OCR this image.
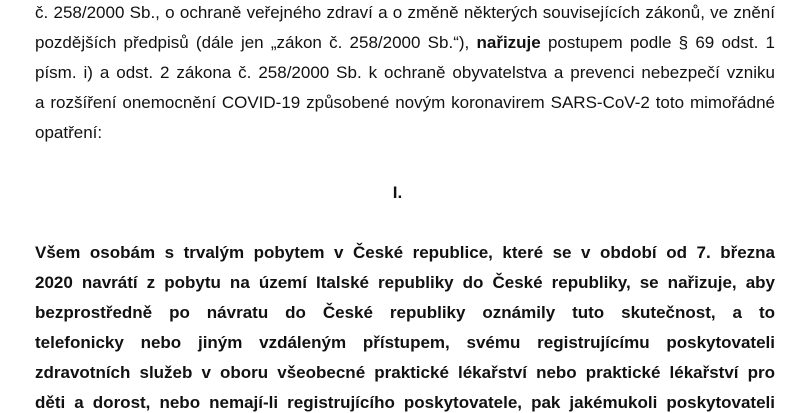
č. 258/2000 Sb., o ochraně veřejného zdraví a o změně některých souvisejících zákonů, ve znění
pozdějších předpisů (dále jen „zákon č. 258/2000 Sb.“), nařizuje postupem podle § 69 odst. 1
písm. i) a odst. 2 zákona č. 258/2000 Sb. k ochraně obyvatelstva a prevenci nebezpečí vzniku
a rozšíření onemocnění COVID-19 způsobené novým koronavirem SARS-CoV-2 toto mimořádné
opatření:
I.
Všem osobám s trvalým pobytem v České republice, které se v období od 7. března
2020 navrátí z pobytu na území Italské republiky do České republiky, se nařizuje, aby
bezprostředně po návratu do České republiky oznámily tuto skutečnost, a to
telefonicky nebo jiným vzdáleným přístupem, svému registrujícímu poskytovateli
zdravotních služeb v oboru všeobecné praktické lékařství nebo praktické lékařství pro
děti a dorost, nebo nemají-li registrujícího poskytovatele, pak jakémukoli poskytovateli
